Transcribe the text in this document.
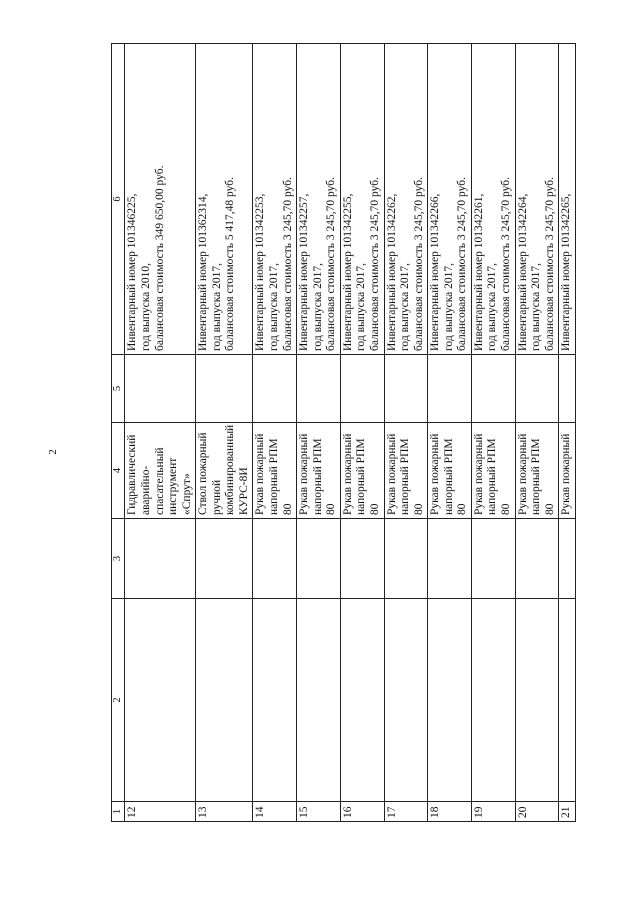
2
1	2	3	4	5	6
12			Гидравлический аварийно-спасательный инструмент «Спрут»		Инвентарный номер 101346225, год выпуска 2010, балансовая стоимость 349 650,00 руб.

13			Ствол пожарный ручной комбинированный КУРС-8И		Инвентарный номер 101362314, год выпуска 2017, балансовая стоимость 5 417,48 руб.

14			Рукав пожарный напорный РПМ 80		Инвентарный номер 101342253, год выпуска 2017, балансовая стоимость 3 245,70 руб.

15			Рукав пожарный напорный РПМ 80		Инвентарный номер 101342257, год выпуска 2017, балансовая стоимость 3 245,70 руб.

16			Рукав пожарный напорный РПМ 80		Инвентарный номер 101342255, год выпуска 2017, балансовая стоимость 3 245,70 руб.

17			Рукав пожарный напорный РПМ 80		Инвентарный номер 101342262, год выпуска 2017, балансовая стоимость 3 245,70 руб.

18			Рукав пожарный напорный РПМ 80		Инвентарный номер 101342266, год выпуска 2017, балансовая стоимость 3 245,70 руб.

19			Рукав пожарный напорный РПМ 80		Инвентарный номер 101342261, год выпуска 2017, балансовая стоимость 3 245,70 руб.

20			Рукав пожарный напорный РПМ 80		Инвентарный номер 101342264, год выпуска 2017, балансовая стоимость 3 245,70 руб.

21			Рукав пожарный		Инвентарный номер 101342265,
